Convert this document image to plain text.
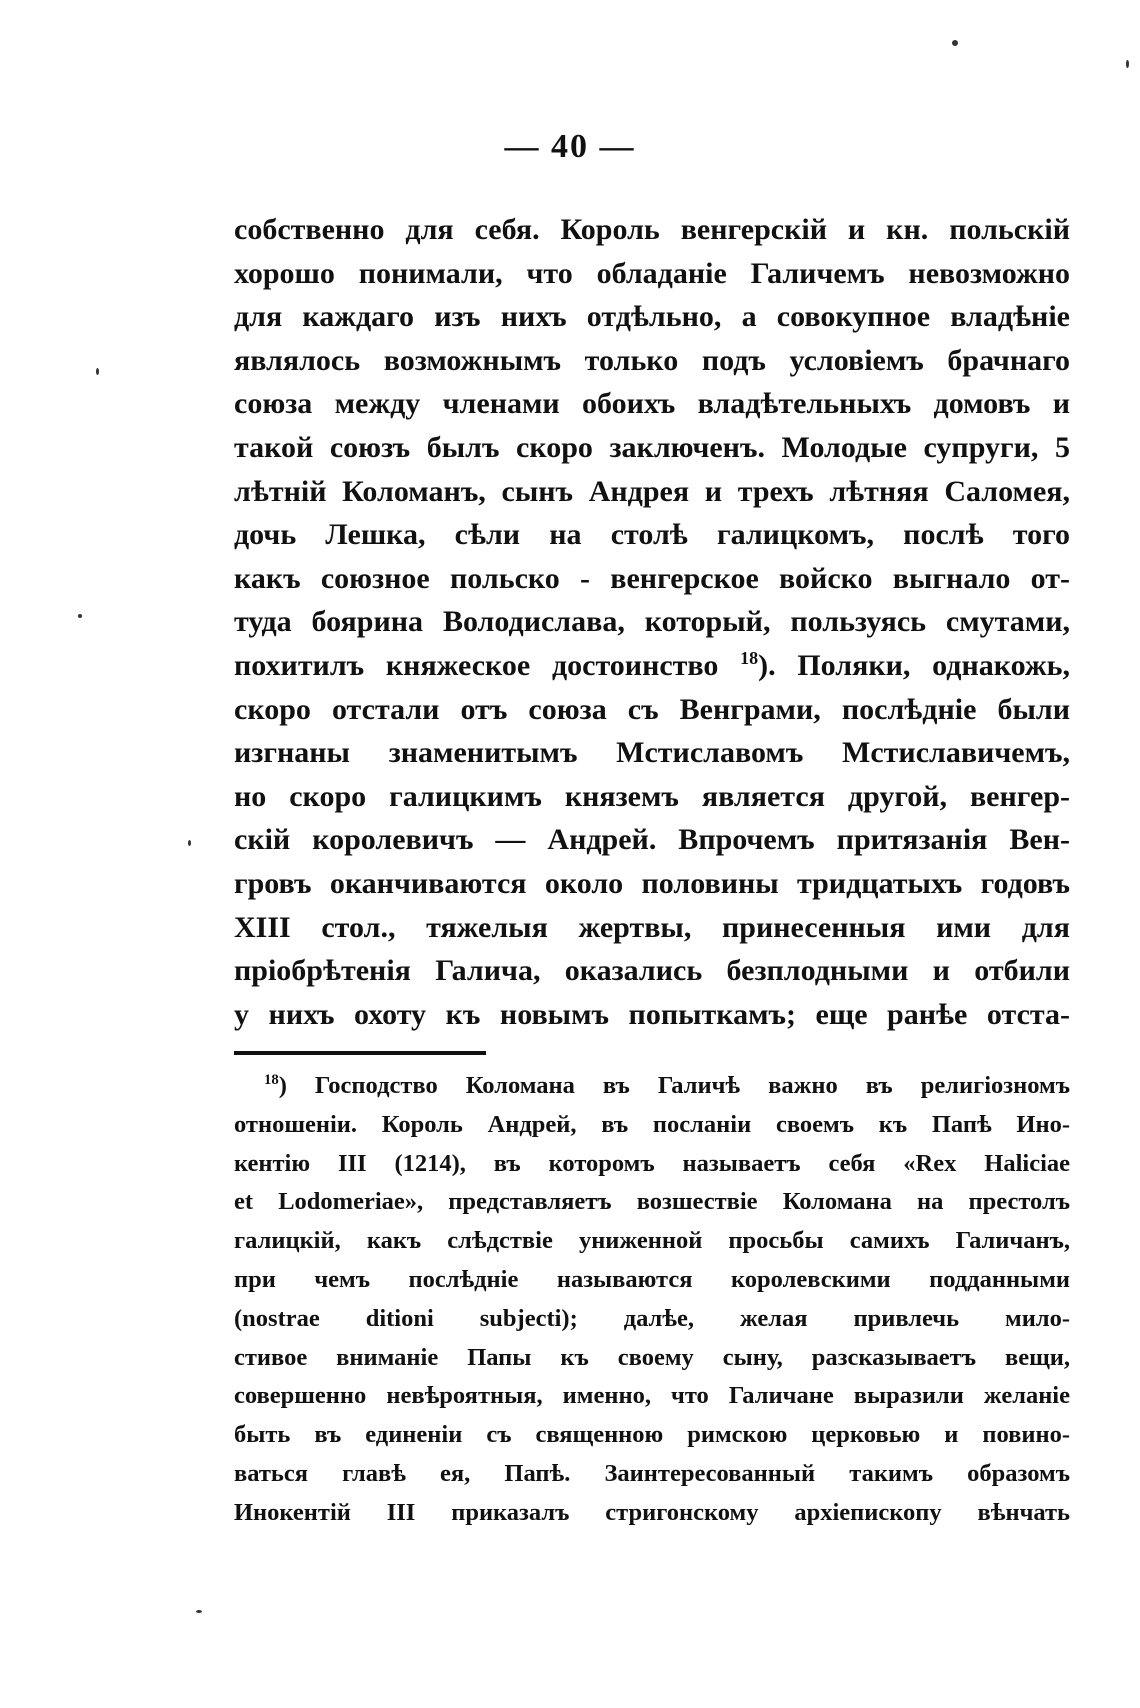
— 40 —
собственно для себя. Король венгерскій и кн. польскій
хорошо понимали, что обладаніе Галичемъ невозможно
для каждаго изъ нихъ отдѣльно, а совокупное владѣніе
являлось возможнымъ только подъ условіемъ брачнаго
союза между членами обоихъ владѣтельныхъ домовъ и
такой союзъ былъ скоро заключенъ. Молодые супруги, 5
лѣтній Коломанъ, сынъ Андрея и трехъ лѣтняя Саломея,
дочь Лешка, сѣли на столѣ галицкомъ, послѣ того
какъ союзное польско - венгерское войско выгнало от-
туда боярина Володислава, который, пользуясь смутами,
похитилъ княжеское достоинство $^{18}$). Поляки, однакожь,
скоро отстали отъ союза съ Венграми, послѣдніе были
изгнаны знаменитымъ Мстиславомъ Мстиславичемъ,
но скоро галицкимъ княземъ является другой, венгер-
скій королевичъ — Андрей. Впрочемъ притязанія Вен-
гровъ оканчиваются около половины тридцатыхъ годовъ
XIII стол., тяжелыя жертвы, принесенныя ими для
пріобрѣтенія Галича, оказались безплодными и отбили
у нихъ охоту къ новымъ попыткамъ; еще ранѣе отста-
$^{18}$) Господство Коломана въ Галичѣ важно въ религіозномъ
отношеніи. Король Андрей, въ посланіи своемъ къ Папѣ Ино-
кентію III (1214), въ которомъ называетъ себя «Rex Haliciae
et Lodomeriae», представляетъ возшествіе Коломана на престолъ
галицкій, какъ слѣдствіе униженной просьбы самихъ Галичанъ,
при чемъ послѣдніе называются королевскими подданными
(nostrae ditioni subjecti); далѣе, желая привлечь мило-
стивое вниманіе Папы къ своему сыну, разсказываетъ вещи,
совершенно невѣроятныя, именно, что Галичане выразили желаніе
быть въ единеніи съ священною римскою церковью и повино-
ваться главѣ ея, Папѣ. Заинтересованный такимъ образомъ
Инокентій III приказалъ стригонскому архіепископу вѣнчать
